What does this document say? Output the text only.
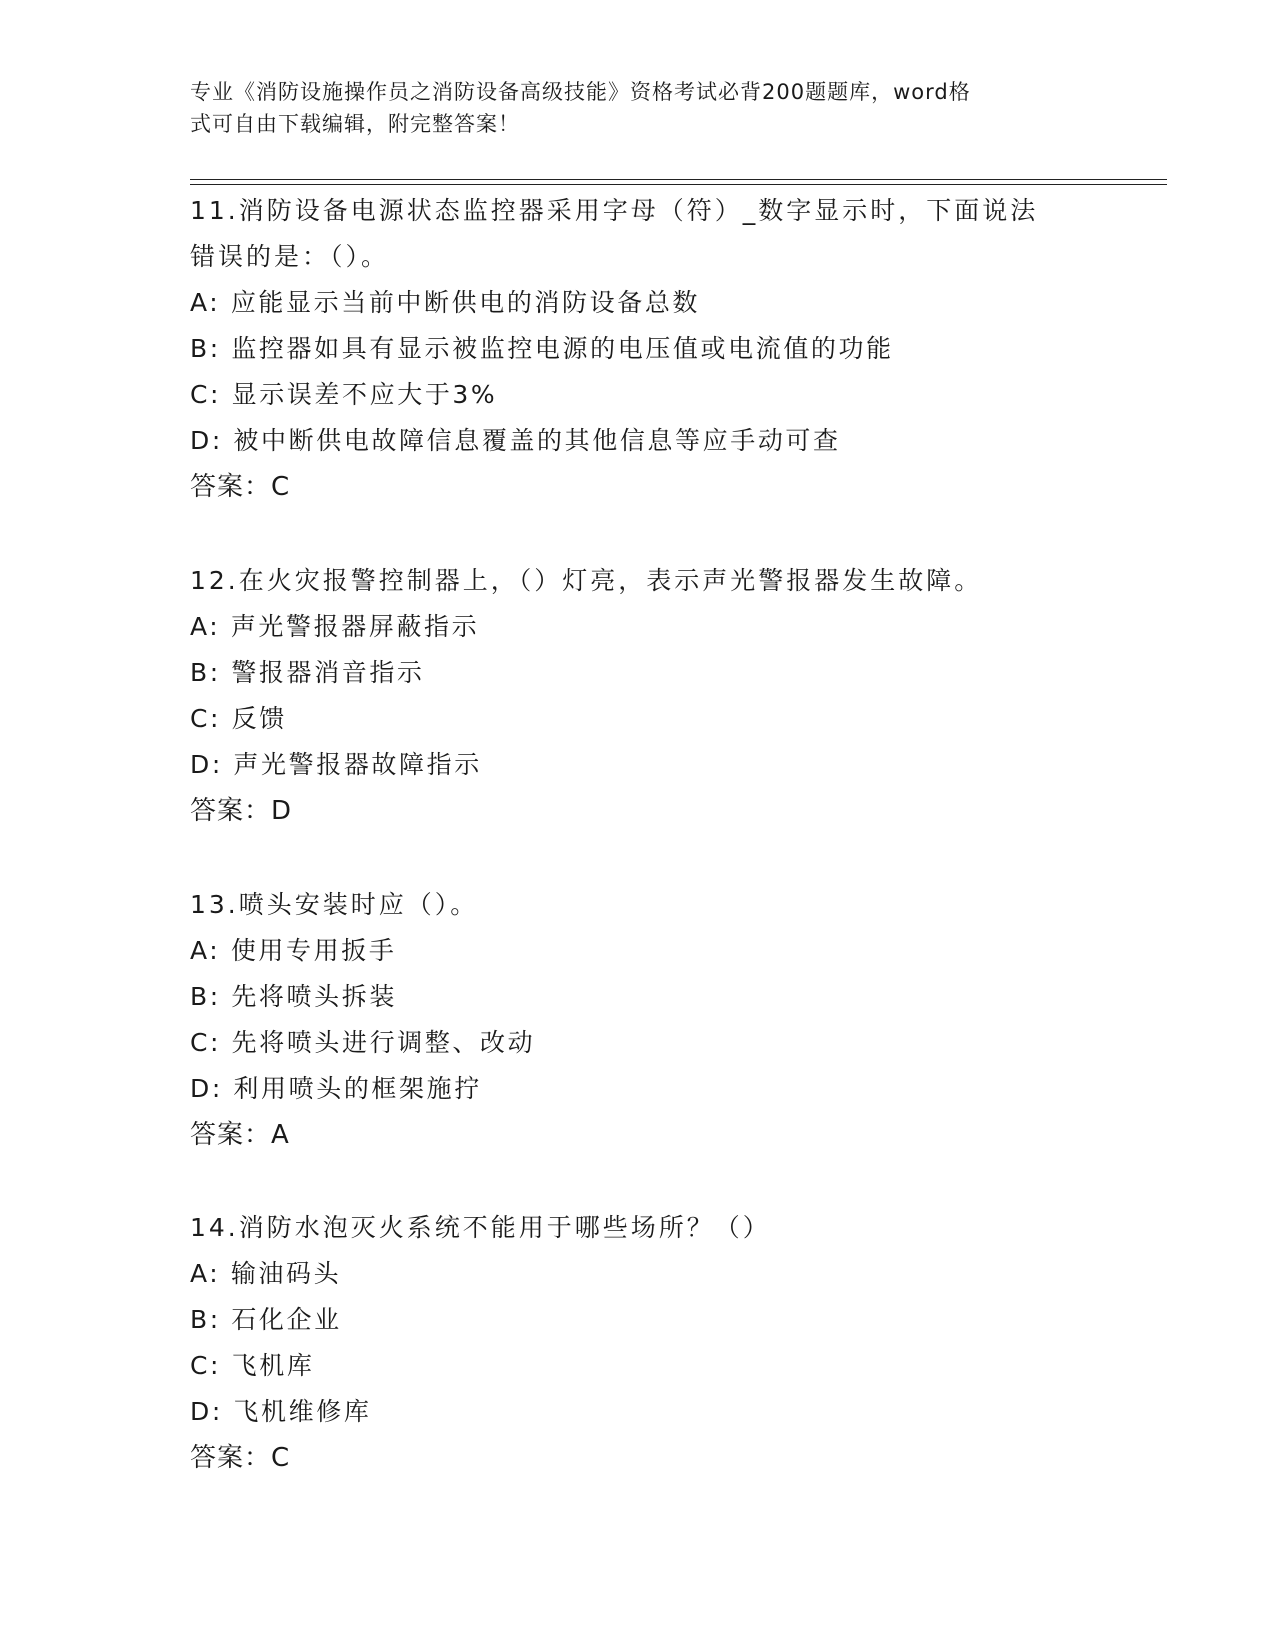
专业《消防设施操作员之消防设备高级技能》资格考试必背200题题库，word格
式可自由下载编辑，附完整答案！
11.消防设备电源状态监控器采用字母（符）_数字显示时，下面说法
错误的是：（）。
A: 应能显示当前中断供电的消防设备总数
B: 监控器如具有显示被监控电源的电压值或电流值的功能
C: 显示误差不应大于3%
D: 被中断供电故障信息覆盖的其他信息等应手动可查
答案：C
12.在火灾报警控制器上，（）灯亮，表示声光警报器发生故障。
A: 声光警报器屏蔽指示
B: 警报器消音指示
C: 反馈
D: 声光警报器故障指示
答案：D
13.喷头安装时应（）。
A: 使用专用扳手
B: 先将喷头拆装
C: 先将喷头进行调整、改动
D: 利用喷头的框架施拧
答案：A
14.消防水泡灭火系统不能用于哪些场所？（）
A: 输油码头
B: 石化企业
C: 飞机库
D: 飞机维修库
答案：C
